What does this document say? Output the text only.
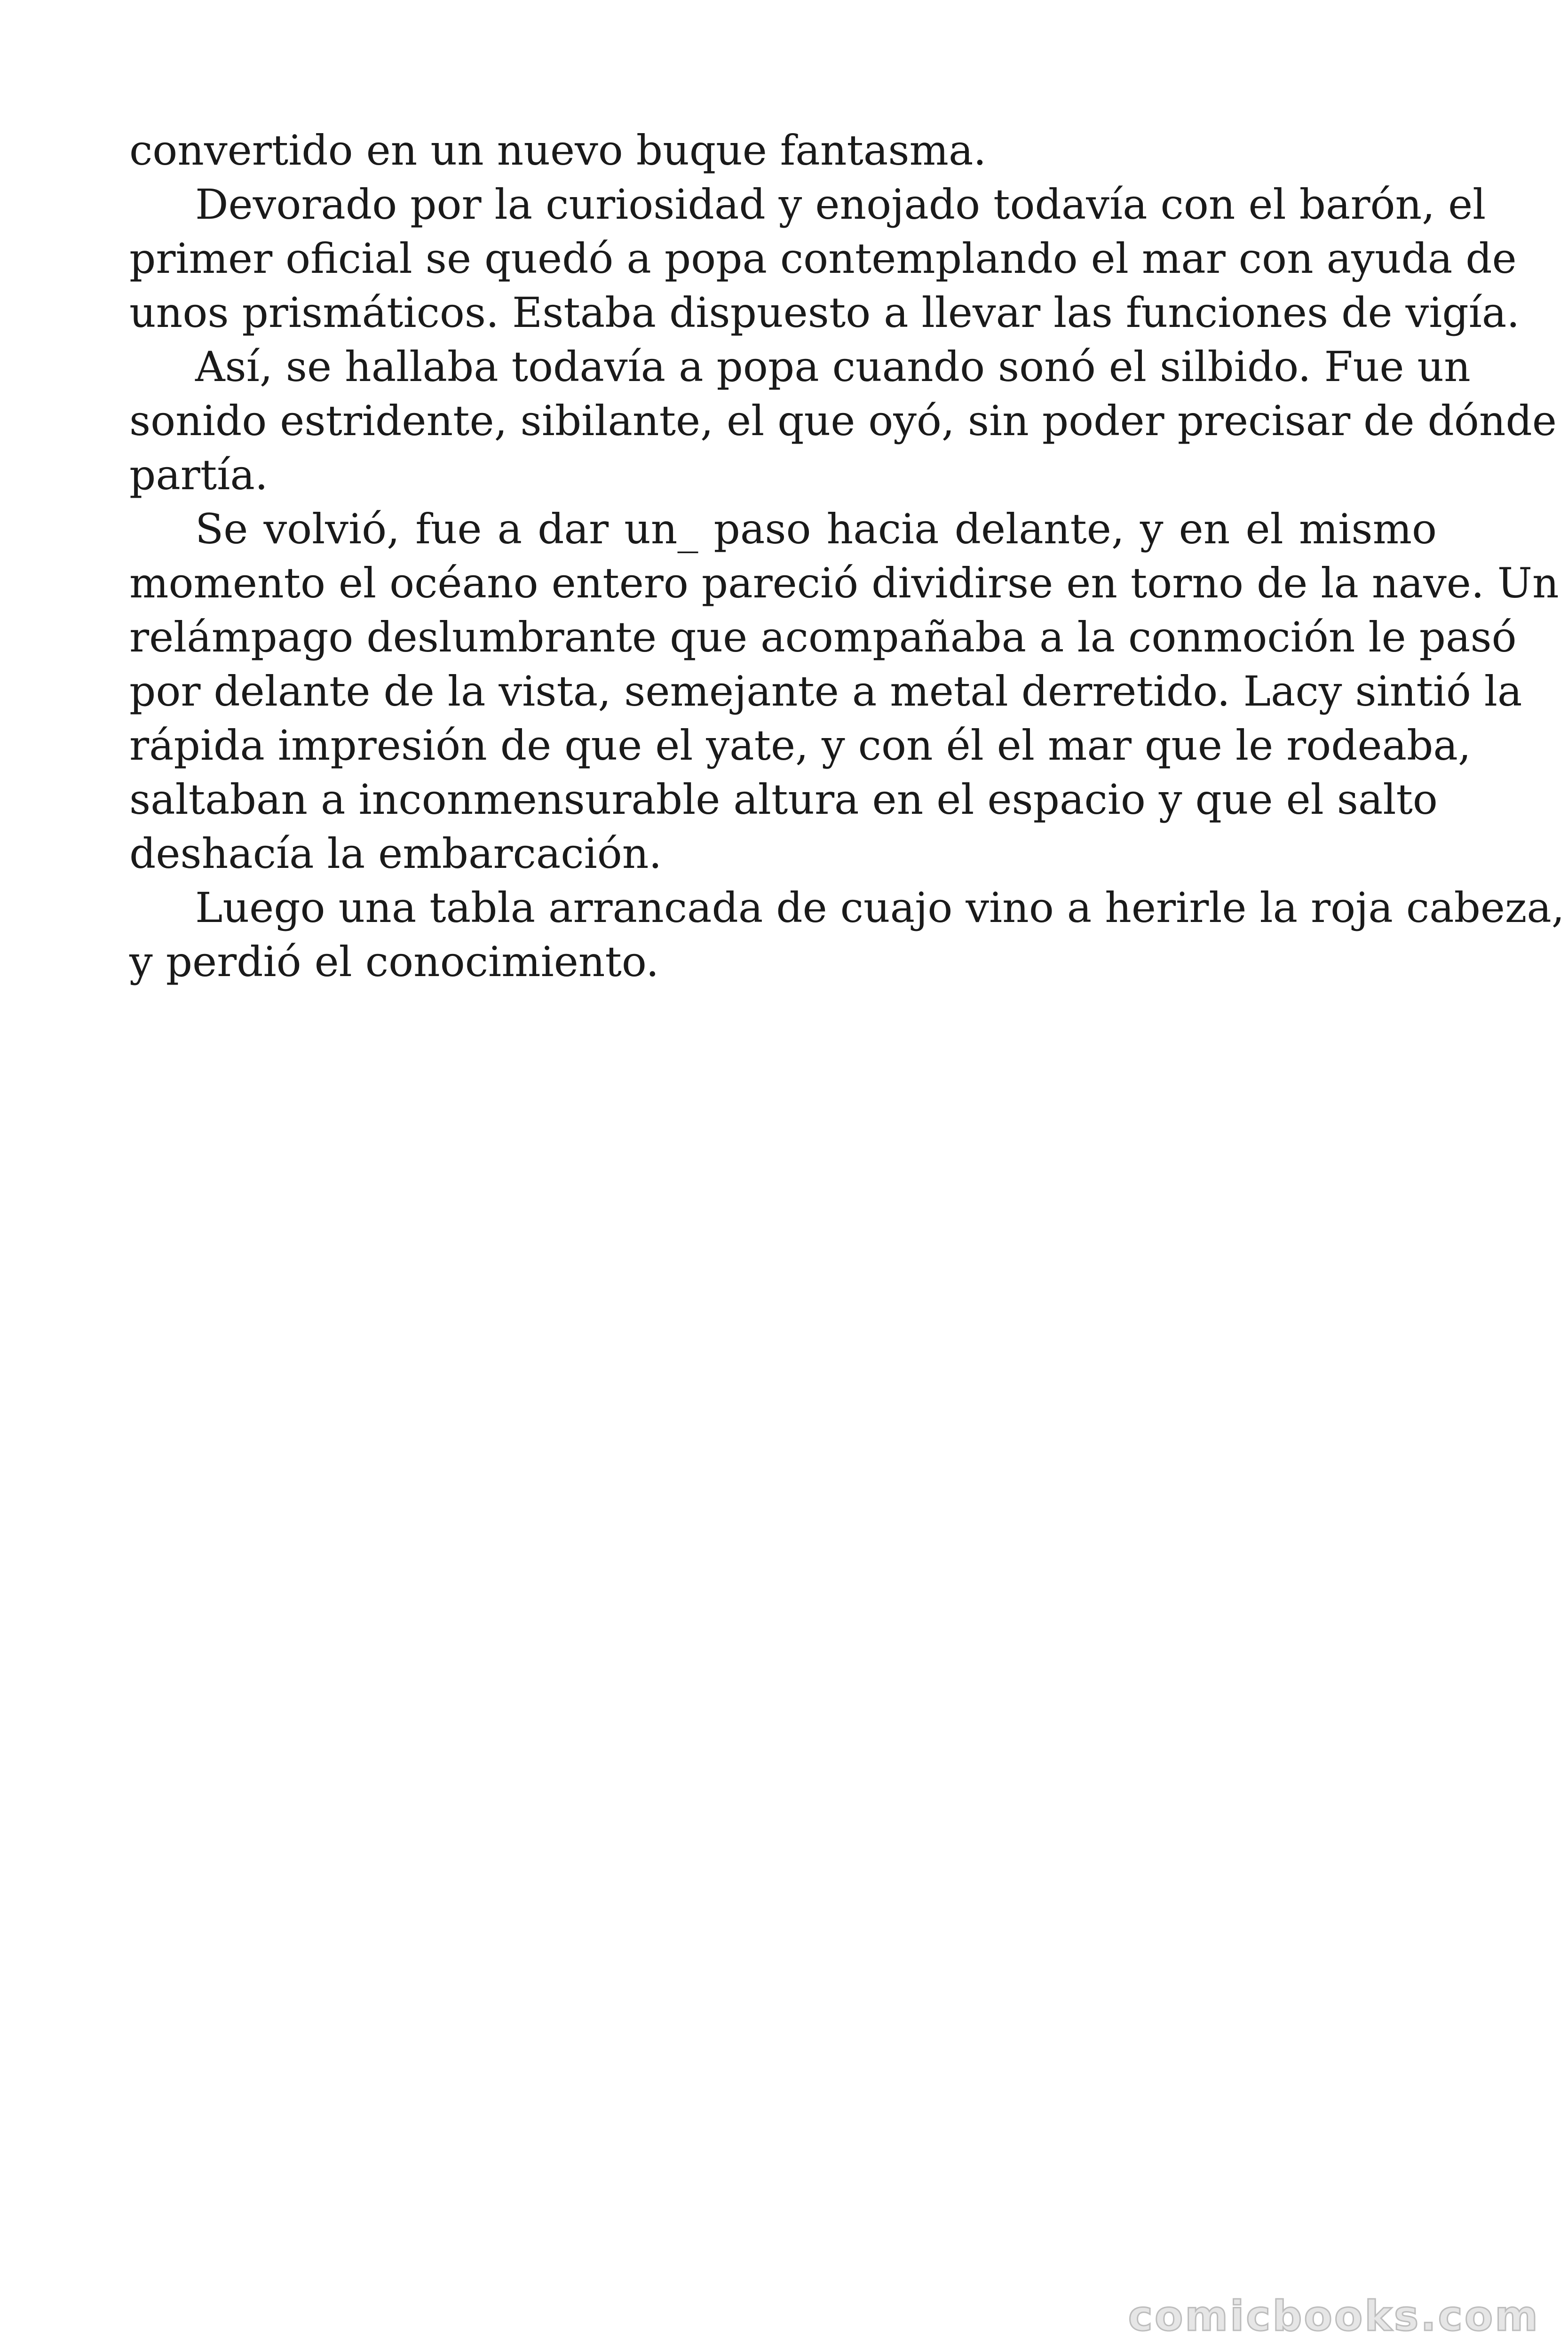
convertido en un nuevo buque fantasma.
Devorado por la curiosidad y enojado todavía con el barón, el
primer oficial se quedó a popa contemplando el mar con ayuda de
unos prismáticos. Estaba dispuesto a llevar las funciones de vigía.
Así, se hallaba todavía a popa cuando sonó el silbido. Fue un
sonido estridente, sibilante, el que oyó, sin poder precisar de dónde
partía.
Se volvió, fue a dar un_ paso hacia delante, y en el mismo
momento el océano entero pareció dividirse en torno de la nave. Un
relámpago deslumbrante que acompañaba a la conmoción le pasó
por delante de la vista, semejante a metal derretido. Lacy sintió la
rápida impresión de que el yate, y con él el mar que le rodeaba,
saltaban a inconmensurable altura en el espacio y que el salto
deshacía la embarcación.
Luego una tabla arrancada de cuajo vino a herirle la roja cabeza,
y perdió el conocimiento.
comicbooks.com
